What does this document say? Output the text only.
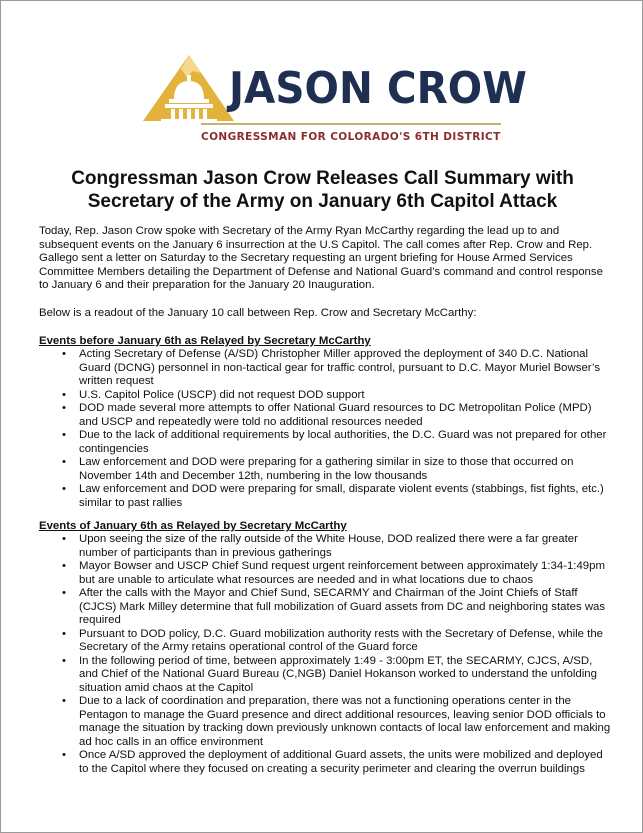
JASON CROW
CONGRESSMAN FOR COLORADO'S 6TH DISTRICT
Congressman Jason Crow Releases Call Summary with Secretary of the Army on January 6th Capitol Attack

Today, Rep. Jason Crow spoke with Secretary of the Army Ryan McCarthy regarding the lead up to and subsequent events on the January 6 insurrection at the U.S Capitol. The call comes after Rep. Crow and Rep. Gallego sent a letter on Saturday to the Secretary requesting an urgent briefing for House Armed Services Committee Members detailing the Department of Defense and National Guard’s command and control response to January 6 and their preparation for the January 20 Inauguration.

Below is a readout of the January 10 call between Rep. Crow and Secretary McCarthy:

Events before January 6th as Relayed by Secretary McCarthy
• Acting Secretary of Defense (A/SD) Christopher Miller approved the deployment of 340 D.C. National Guard (DCNG) personnel in non-tactical gear for traffic control, pursuant to D.C. Mayor Muriel Bowser’s written request
• U.S. Capitol Police (USCP) did not request DOD support
• DOD made several more attempts to offer National Guard resources to DC Metropolitan Police (MPD) and USCP and repeatedly were told no additional resources needed
• Due to the lack of additional requirements by local authorities, the D.C. Guard was not prepared for other contingencies
• Law enforcement and DOD were preparing for a gathering similar in size to those that occurred on November 14th and December 12th, numbering in the low thousands
• Law enforcement and DOD were preparing for small, disparate violent events (stabbings, fist fights, etc.) similar to past rallies
Events of January 6th as Relayed by Secretary McCarthy
• Upon seeing the size of the rally outside of the White House, DOD realized there were a far greater number of participants than in previous gatherings
• Mayor Bowser and USCP Chief Sund request urgent reinforcement between approximately 1:34-1:49pm but are unable to articulate what resources are needed and in what locations due to chaos
• After the calls with the Mayor and Chief Sund, SECARMY and Chairman of the Joint Chiefs of Staff (CJCS) Mark Milley determine that full mobilization of Guard assets from DC and neighboring states was required
• Pursuant to DOD policy, D.C. Guard mobilization authority rests with the Secretary of Defense, while the Secretary of the Army retains operational control of the Guard force
• In the following period of time, between approximately 1:49 - 3:00pm ET, the SECARMY, CJCS, A/SD, and Chief of the National Guard Bureau (C,NGB) Daniel Hokanson worked to understand the unfolding situation amid chaos at the Capitol
• Due to a lack of coordination and preparation, there was not a functioning operations center in the Pentagon to manage the Guard presence and direct additional resources, leaving senior DOD officials to manage the situation by tracking down previously unknown contacts of local law enforcement and making ad hoc calls in an office environment
• Once A/SD approved the deployment of additional Guard assets, the units were mobilized and deployed to the Capitol where they focused on creating a security perimeter and clearing the overrun buildings
